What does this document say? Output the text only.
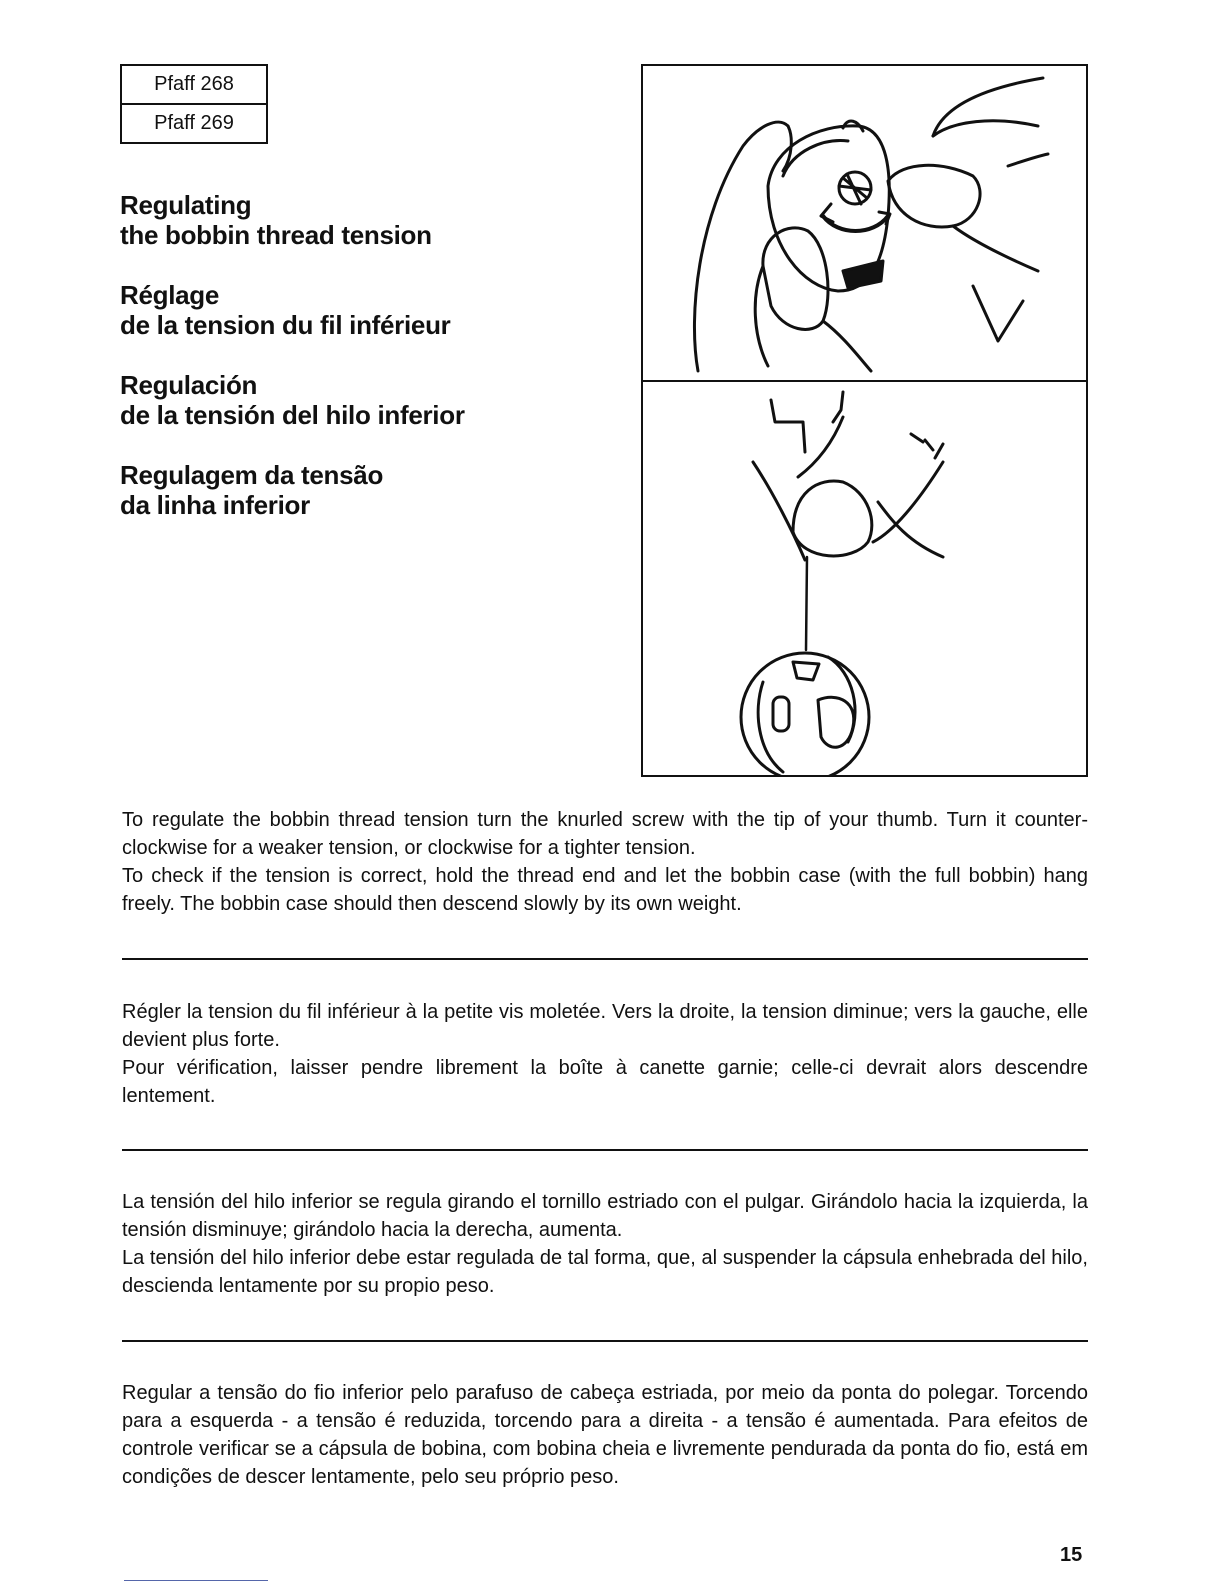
Pfaff 268
Pfaff 269
Regulating
the bobbin thread tension
Réglage
de la tension du fil inférieur
Regulación
de la tensión del hilo inferior
Regulagem da tensão
da linha inferior

To regulate the bobbin thread tension turn the knurled screw with the tip of your thumb. Turn it counter-clockwise for a weaker tension, or clockwise for a tighter tension.

To check if the tension is correct, hold the thread end and let the bobbin case (with the full bobbin) hang freely. The bobbin case should then descend slowly by its own weight.

Régler la tension du fil inférieur à la petite vis moletée. Vers la droite, la tension diminue; vers la gauche, elle devient plus forte.

Pour vérification, laisser pendre librement la boîte à canette garnie; celle-ci devrait alors descendre lentement.

La tensión del hilo inferior se regula girando el tornillo estriado con el pulgar. Girándolo hacia la izquierda, la tensión disminuye; girándolo hacia la derecha, aumenta.

La tensión del hilo inferior debe estar regulada de tal forma, que, al suspender la cápsula enhebrada del hilo, descienda lentamente por su propio peso.

Regular a tensão do fio inferior pelo parafuso de cabeça estriada, por meio da ponta do polegar. Torcendo para a esquerda - a tensão é reduzida, torcendo para a direita - a tensão é aumentada. Para efeitos de controle verificar se a cápsula de bobina, com bobina cheia e livremente pendurada da ponta do fio, está em condições de descer lentamente, pelo seu próprio peso.

15
